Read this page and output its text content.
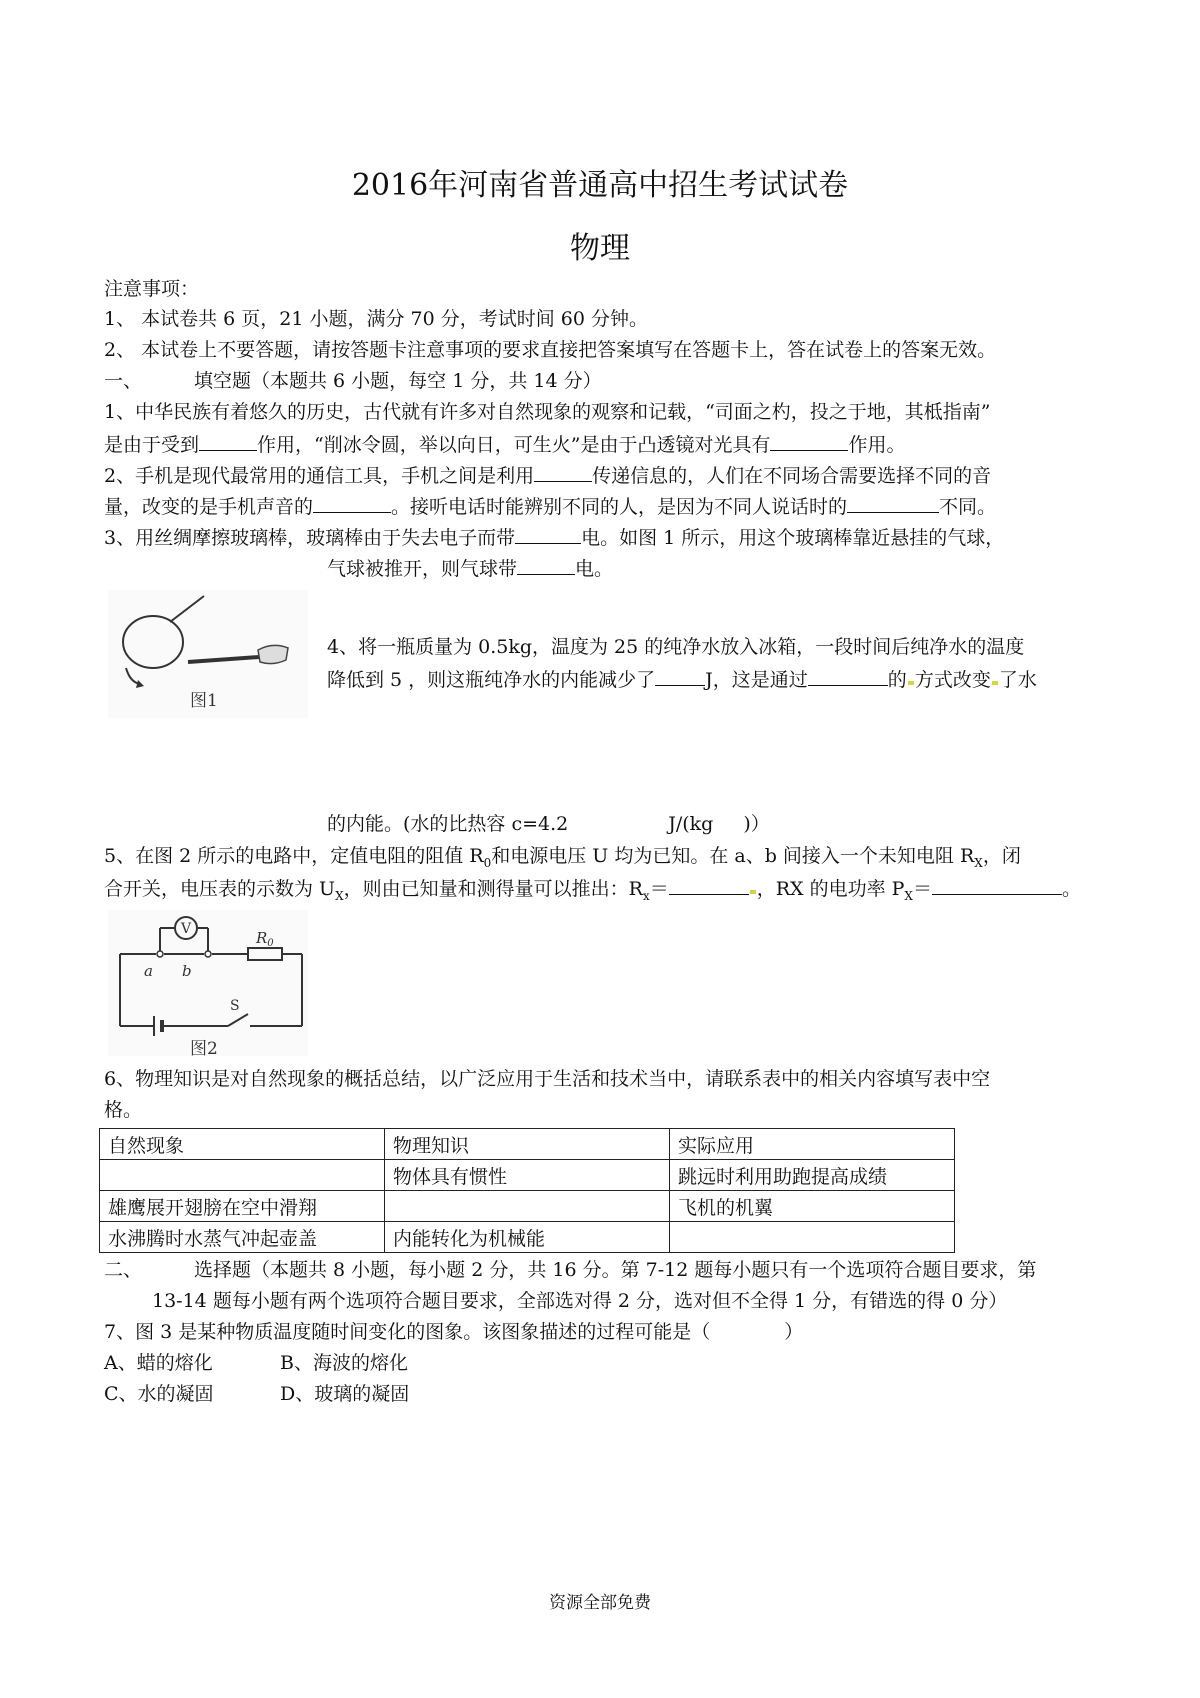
2016年河南省普通高中招生考试试卷
物理
注意事项：
1、 本试卷共 6 页，21 小题，满分 70 分，考试时间 60 分钟。
2、 本试卷上不要答题，请按答题卡注意事项的要求直接把答案填写在答题卡上，答在试卷上的答案无效。
一、	填空题（本题共 6 小题，每空 1 分，共 14 分）
1、中华民族有着悠久的历史，古代就有许多对自然现象的观察和记载，“司面之杓，投之于地，其柢指南”
是由于受到	作用，“削冰令圆，举以向日，可生火”是由于凸透镜对光具有	作用。
2、手机是现代最常用的通信工具，手机之间是利用	传递信息的，人们在不同场合需要选择不同的音
量，改变的是手机声音的	。接听电话时能辨别不同的人，是因为不同人说话时的	不同。
3、用丝绸摩擦玻璃棒，玻璃棒由于失去电子而带	电。如图 1 所示，用这个玻璃棒靠近悬挂的气球，
气球被推开，则气球带	电。
图1
4、将一瓶质量为 0.5kg，温度为 25 的纯净水放入冰箱，一段时间后纯净水的温度
降低到 5 ，则这瓶纯净水的内能减少了	J，这是通过	的 方式改变 了水
的内能。(水的比热容 c=4.2	J/(kg )）
5、在图 2 所示的电路中，定值电阻的阻值 $R_0$和电源电压 U 均为已知。在 a、b 间接入一个未知电阻 $R_X$，闭
合开关，电压表的示数为 $U_X$，则由已知量和测得量可以推出：$R_x=$	，RX 的电功率 $P_X=$	。
V
a b
$R_0$
S
图2
6、物理知识是对自然现象的概括总结，以广泛应用于生活和技术当中，请联系表中的相关内容填写表中空
格。
自然现象	物理知识	实际应用
	物体具有惯性	跳远时利用助跑提高成绩
雄鹰展开翅膀在空中滑翔		飞机的机翼
水沸腾时水蒸气冲起壶盖	内能转化为机械能	
二、	选择题（本题共 8 小题，每小题 2 分，共 16 分。第 7-12 题每小题只有一个选项符合题目要求，第
13-14 题每小题有两个选项符合题目要求，全部选对得 2 分，选对但不全得 1 分，有错选的得 0 分）
7、图 3 是某种物质温度随时间变化的图象。该图象描述的过程可能是（	）
A、蜡的熔化	B、海波的熔化
C、水的凝固	D、玻璃的凝固
资源全部免费
